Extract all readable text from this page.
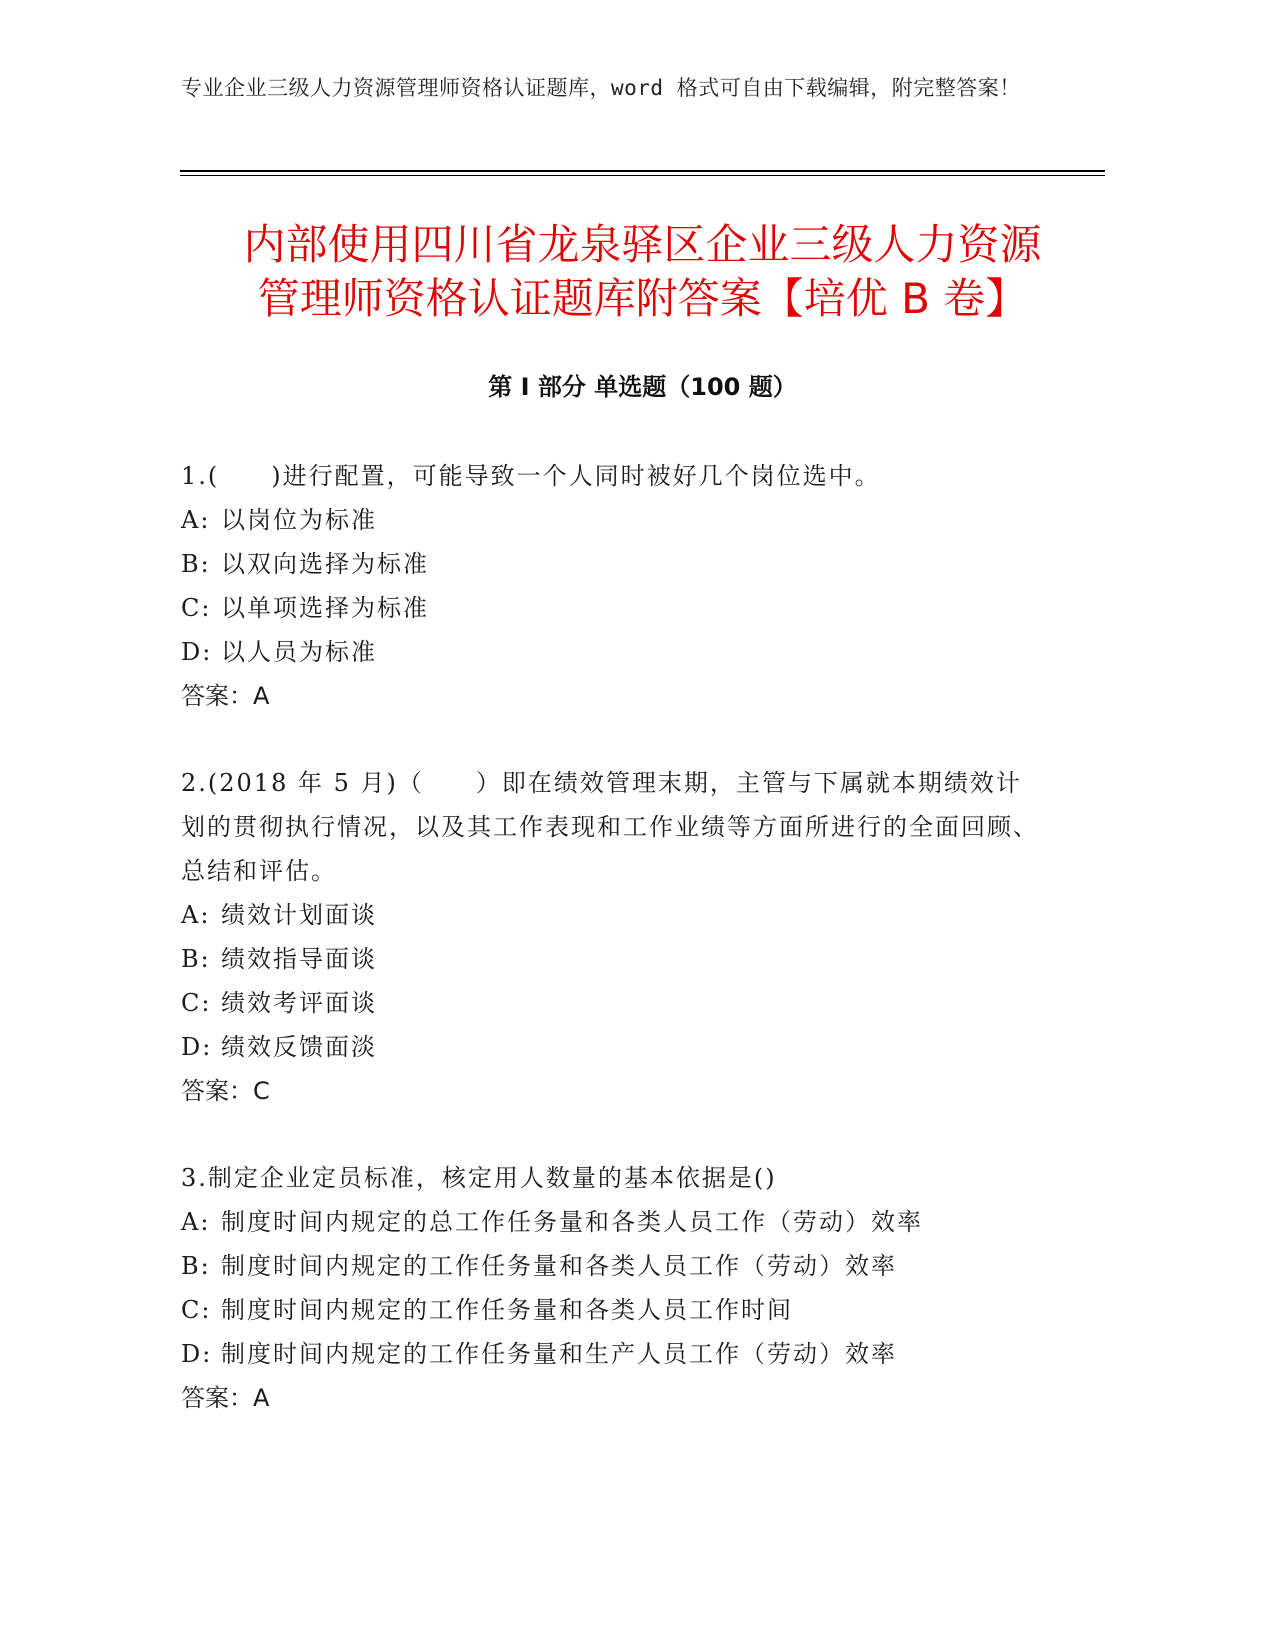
专业企业三级人力资源管理师资格认证题库，word 格式可自由下载编辑，附完整答案！
内部使用四川省龙泉驿区企业三级人力资源
管理师资格认证题库附答案【培优 B 卷】
第 I 部分 单选题（100 题）

1.(　　)进行配置，可能导致一个人同时被好几个岗位选中。

A: 以岗位为标准

B: 以双向选择为标准

C: 以单项选择为标准

D: 以人员为标准

答案：A

2.(2018 年 5 月)（　　）即在绩效管理末期，主管与下属就本期绩效计划的贯彻执行情况，以及其工作表现和工作业绩等方面所进行的全面回顾、总结和评估。

A: 绩效计划面谈

B: 绩效指导面谈

C: 绩效考评面谈

D: 绩效反馈面淡

答案：C

3.制定企业定员标准，核定用人数量的基本依据是()

A: 制度时间内规定的总工作任务量和各类人员工作（劳动）效率

B: 制度时间内规定的工作任务量和各类人员工作（劳动）效率

C: 制度时间内规定的工作任务量和各类人员工作时间

D: 制度时间内规定的工作任务量和生产人员工作（劳动）效率

答案：A
